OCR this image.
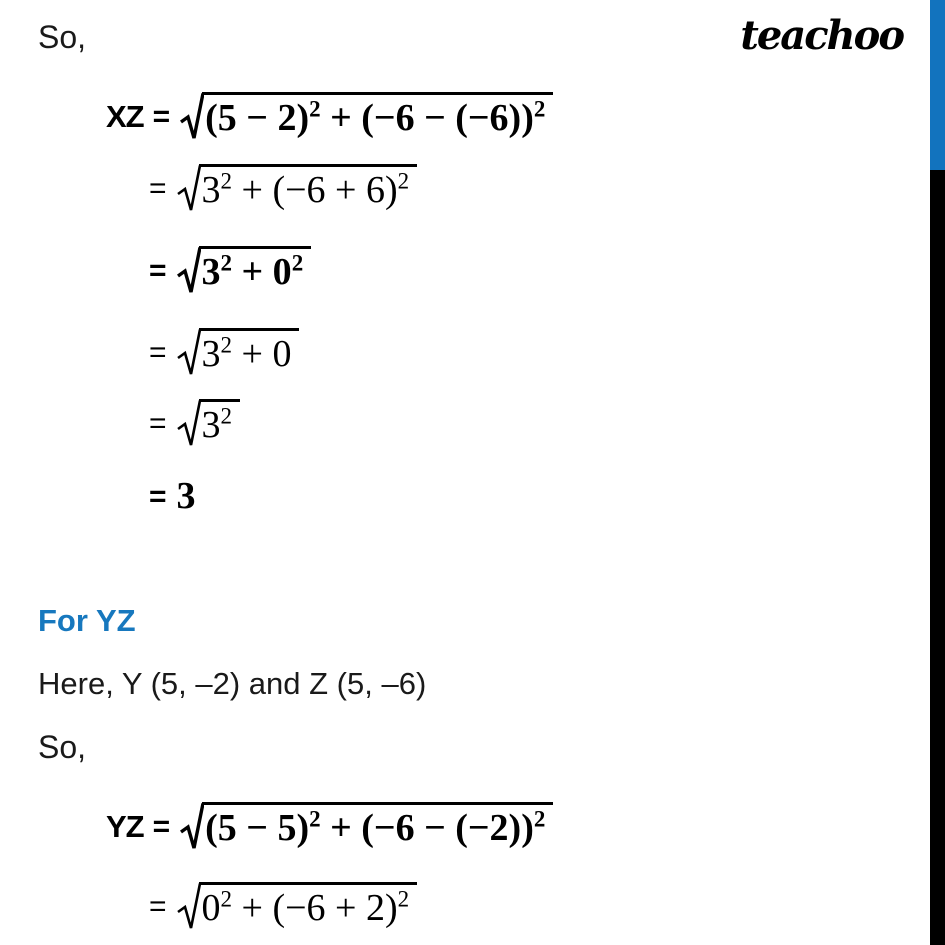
teachoo
So,
XZ = $(5 - 2)^2 + (-6 - (-6))^2$
= $3^2 + (-6 + 6)^2$
= $3^2 + 0^2$
= $3^2 + 0$
= $3^2$
= 3
For YZ
Here, Y (5, –2) and Z (5, –6)
So,
YZ = $(5 - 5)^2 + (-6 - (-2))^2$
= $0^2 + (-6 + 2)^2$
